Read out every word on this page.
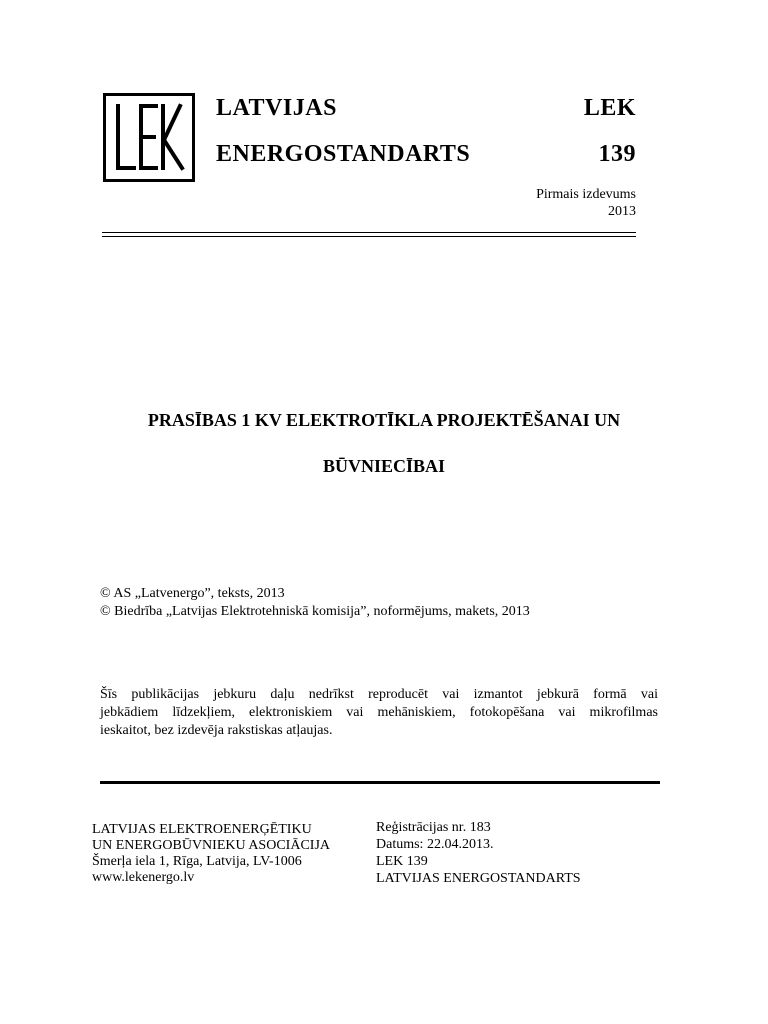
LATVIJAS	LEK
ENERGOSTANDARTS	139
Pirmais izdevums
2013
PRASĪBAS 1 KV ELEKTROTĪKLA PROJEKTĒŠANAI UN
BŪVNIECĪBAI
© AS „Latvenergo”, teksts, 2013
© Biedrība „Latvijas Elektrotehniskā komisija”, noformējums, makets, 2013
Šīs publikācijas jebkuru daļu nedrīkst reproducēt vai izmantot jebkurā formā vai
jebkādiem līdzekļiem, elektroniskiem vai mehāniskiem, fotokopēšana vai mikrofilmas
ieskaitot, bez izdevēja rakstiskas atļaujas.
LATVIJAS ELEKTROENERĢĒTIKU
UN ENERGOBŪVNIEKU ASOCIĀCIJA
Šmerļa iela 1, Rīga, Latvija, LV-1006
www.lekenergo.lv
Reģistrācijas nr. 183
Datums: 22.04.2013.
LEK 139
LATVIJAS ENERGOSTANDARTS
